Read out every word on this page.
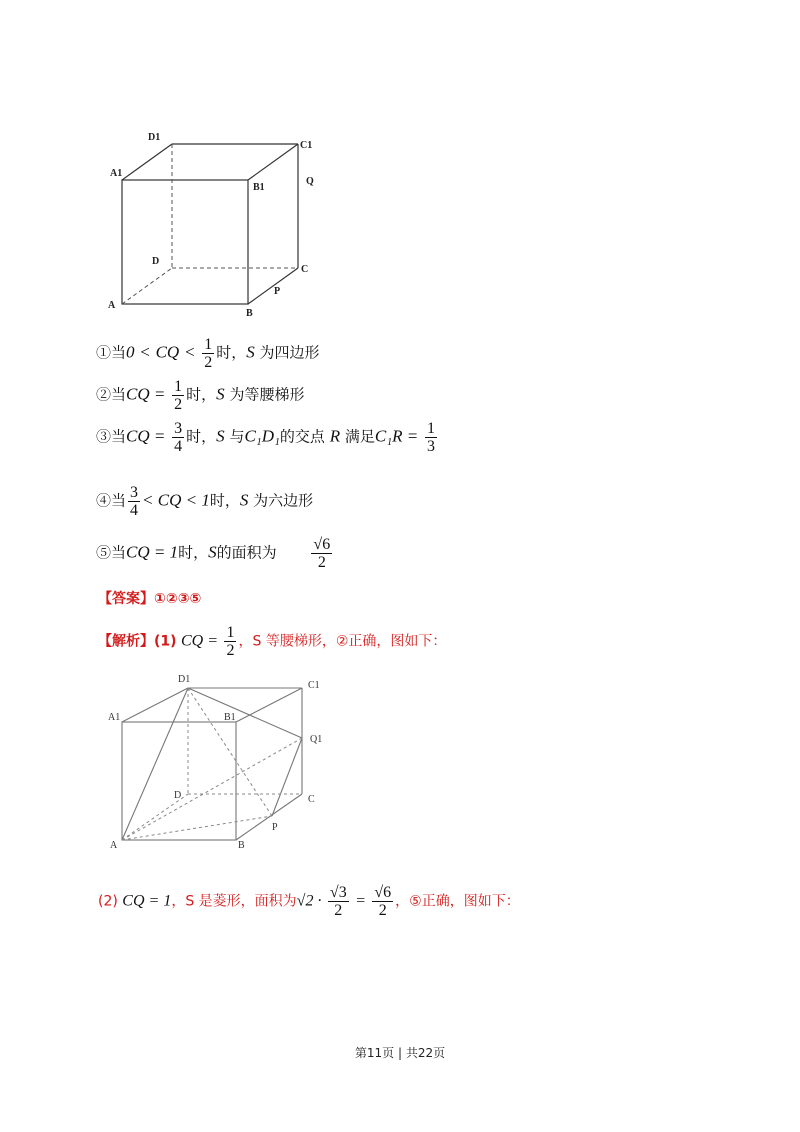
D1
C1
A1
B1
Q
D
C
P
A
B
①当0 < CQ < $\frac{1}{2}$ 时，S 为四边形
②当CQ = $\frac{1}{2}$ 时，S 为等腰梯形
③当CQ = $\frac{3}{4}$ 时，S 与C₁D₁的交点 R 满足$C_1R = \frac{1}{3}$
④当 $\frac{3}{4}$ < CQ < 1时，S 为六边形
⑤当CQ = 1时，S的面积为 $\frac{√6}{2}$
【答案】①②③⑤
【解析】(1) CQ = $\frac{1}{2}$ ，S 等腰梯形，②正确，图如下：
D1
C1
A1	B1
Q1
D	C
P
A	B
(2) CQ = 1，S 是菱形，面积为$√2 \cdot \frac{√3}{2} = \frac{√6}{2}$ ，⑤正确，图如下：
第11页 | 共22页
